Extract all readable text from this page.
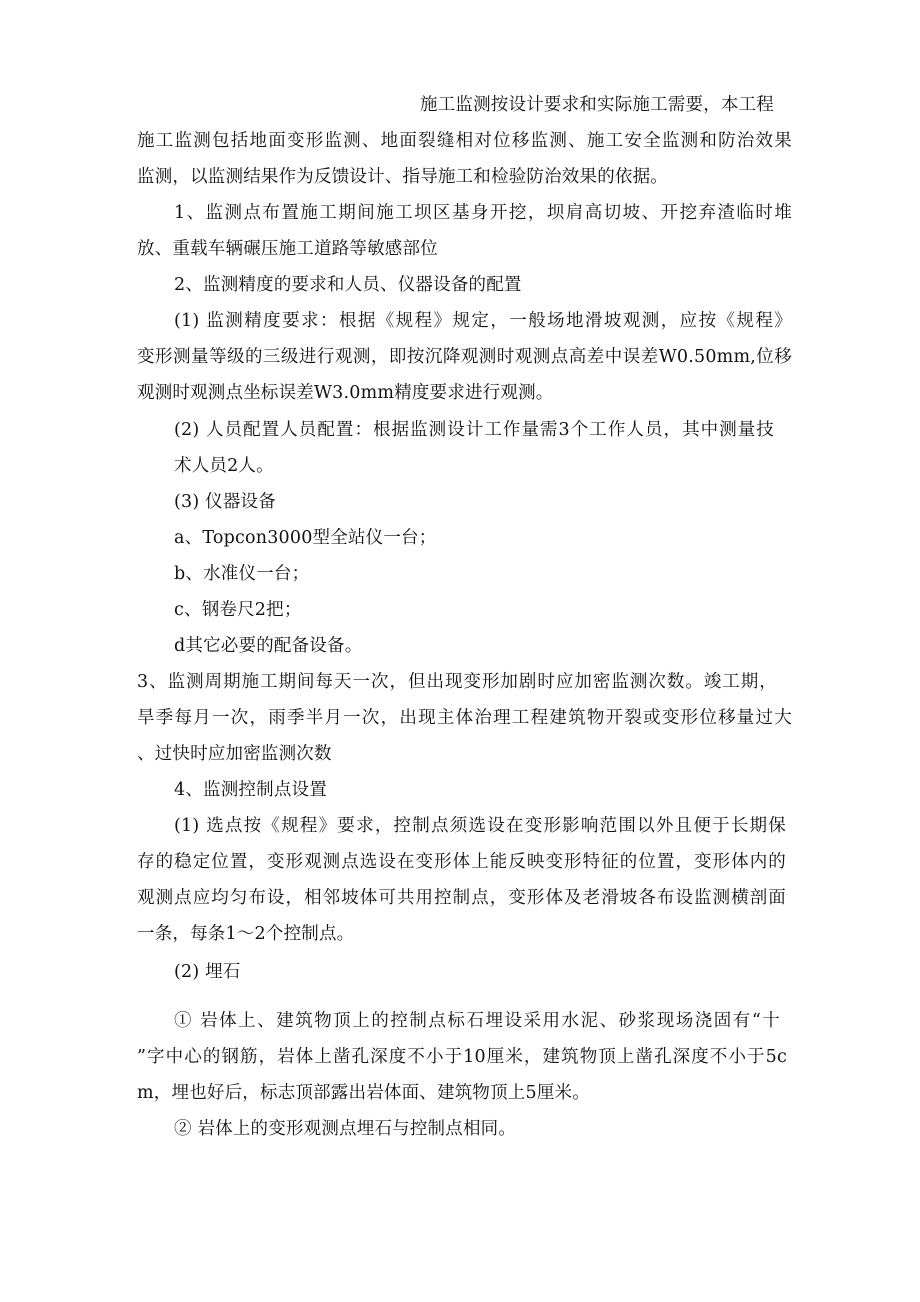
施工监测按设计要求和实际施工需要，本工程
施工监测包括地面变形监测、地面裂缝相对位移监测、施工安全监测和防治效果
监测，以监测结果作为反馈设计、指导施工和检验防治效果的依据。
1、监测点布置施工期间施工坝区基身开挖，坝肩高切坡、开挖弃渣临时堆
放、重载车辆碾压施工道路等敏感部位
2、监测精度的要求和人员、仪器设备的配置
(1) 监测精度要求：根据《规程》规定，一般场地滑坡观测，应按《规程》
变形测量等级的三级进行观测，即按沉降观测时观测点高差中误差W0.50mm,位移
观测时观测点坐标误差W3.0mm精度要求进行观测。
(2) 人员配置人员配置：根据监测设计工作量需3个工作人员，其中测量技
术人员2人。
(3) 仪器设备
a、Topcon3000型全站仪一台；
b、水准仪一台；
c、钢卷尺2把；
d其它必要的配备设备。
3、监测周期施工期间每天一次，但出现变形加剧时应加密监测次数。竣工期，
旱季每月一次，雨季半月一次，出现主体治理工程建筑物开裂或变形位移量过大
、过快时应加密监测次数
4、监测控制点设置
(1) 选点按《规程》要求，控制点须选设在变形影响范围以外且便于长期保
存的稳定位置，变形观测点选设在变形体上能反映变形特征的位置，变形体内的
观测点应均匀布设，相邻坡体可共用控制点，变形体及老滑坡各布设监测横剖面
一条，每条1～2个控制点。
(2) 埋石
① 岩体上、建筑物顶上的控制点标石埋设采用水泥、砂浆现场浇固有“十
”字中心的钢筋，岩体上凿孔深度不小于10厘米，建筑物顶上凿孔深度不小于5c
m，埋也好后，标志顶部露出岩体面、建筑物顶上5厘米。
② 岩体上的变形观测点埋石与控制点相同。
